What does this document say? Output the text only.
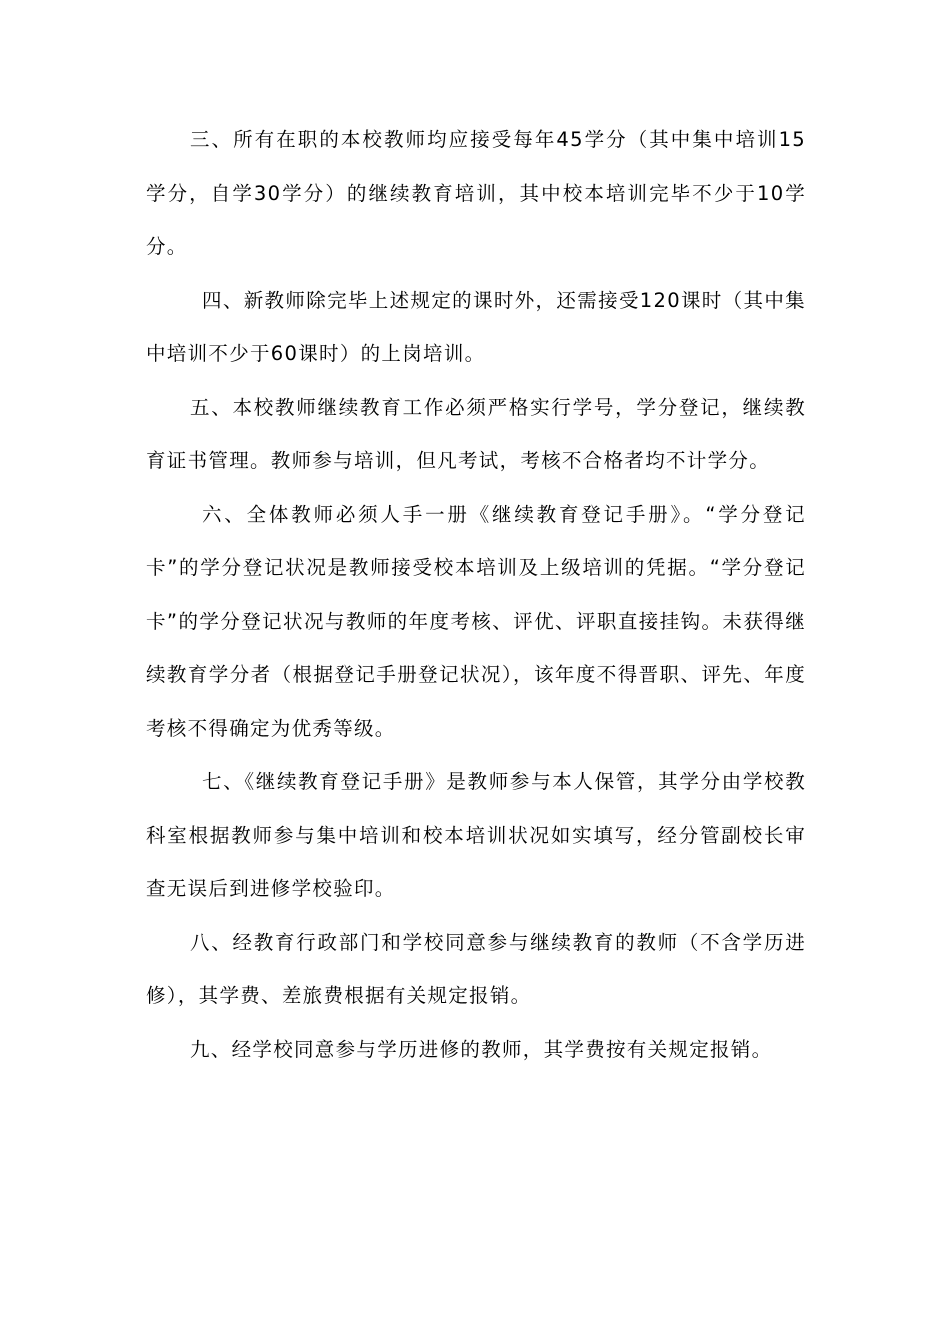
三、所有在职的本校教师均应接受每年45学分（其中集中培训15学分，自学30学分）的继续教育培训，其中校本培训完毕不少于10学分。

四、新教师除完毕上述规定的课时外，还需接受120课时（其中集中培训不少于60课时）的上岗培训。

五、本校教师继续教育工作必须严格实行学号，学分登记，继续教育证书管理。教师参与培训，但凡考试，考核不合格者均不计学分。

六、全体教师必须人手一册《继续教育登记手册》。“学分登记卡”的学分登记状况是教师接受校本培训及上级培训的凭据。“学分登记卡”的学分登记状况与教师的年度考核、评优、评职直接挂钩。未获得继续教育学分者（根据登记手册登记状况），该年度不得晋职、评先、年度考核不得确定为优秀等级。

七、《继续教育登记手册》是教师参与本人保管，其学分由学校教科室根据教师参与集中培训和校本培训状况如实填写，经分管副校长审查无误后到进修学校验印。

八、经教育行政部门和学校同意参与继续教育的教师（不含学历进修），其学费、差旅费根据有关规定报销。

九、经学校同意参与学历进修的教师，其学费按有关规定报销。
